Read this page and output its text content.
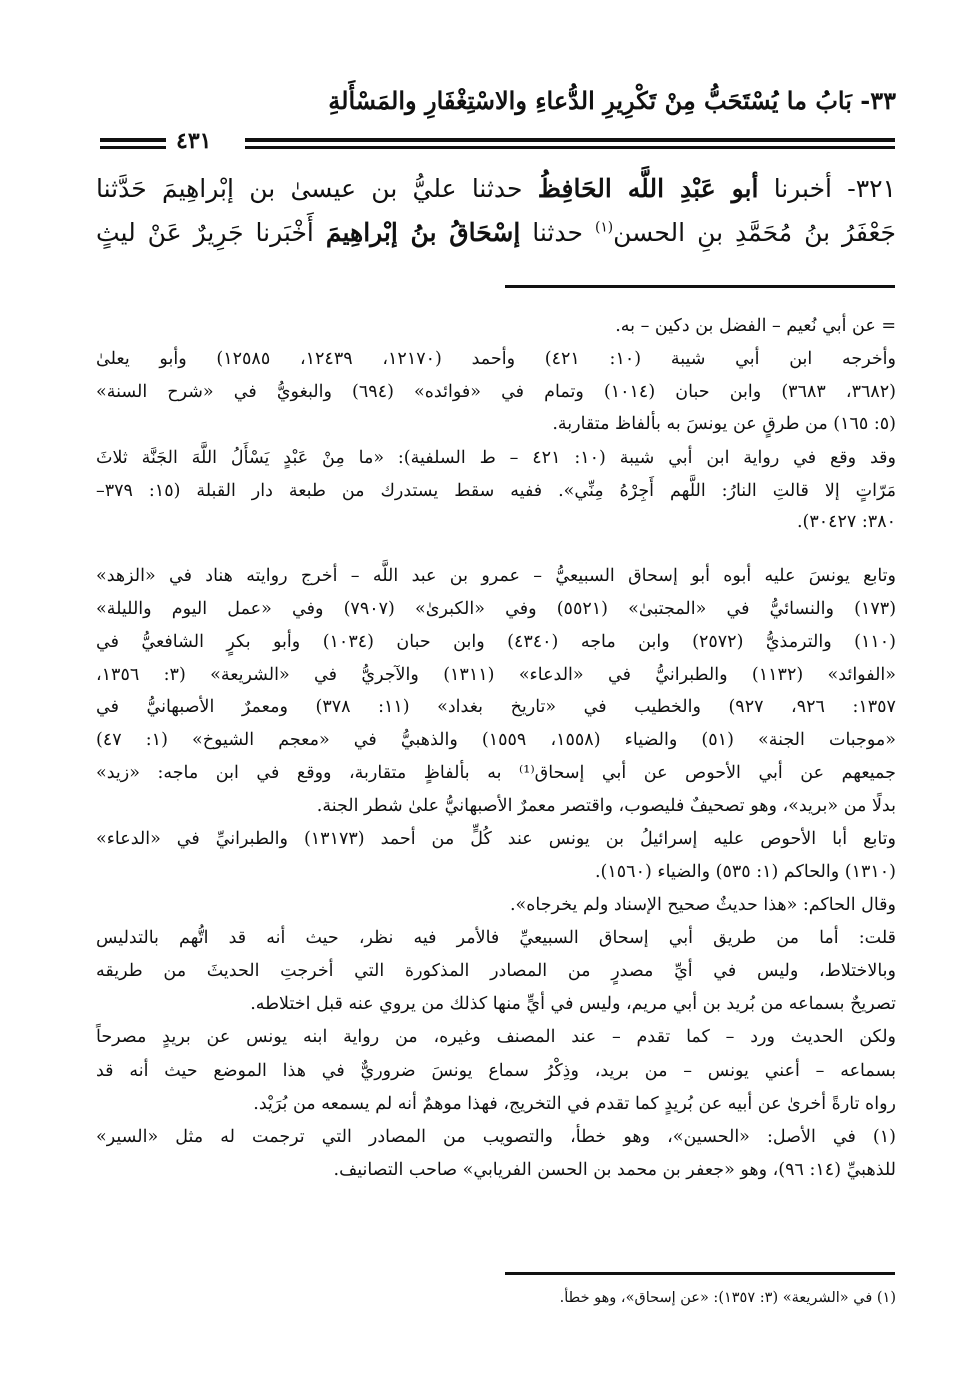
٣٣- بَابُ ما يُسْتَحَبُّ مِنْ تَكْرِيرِ الدُّعاءِ والاسْتِغْفَارِ والمَسْأَلةِ
٤٣١
٣٢١- أخبرنا أبو عَبْدِ اللَّه الحَافِظُ حدثنا عليُّ بن عيسىٰ بن إبْراهِيمَ حَدَّثنا
جَعْفَرُ بنُ مُحَمَّدِ بنِ الحسن$^{(١)}$ حدثنا إسْحَاقُ بنُ إبْراهِيمَ أَخْبَرنا جَرِيرٌ عَنْ ليثٍ
= عن أبي نُعيم – الفضل بن دكين – به.
وأخرجه ابن أبي شيبة (١٠: ٤٢١) وأحمد (١٢١٧٠، ١٢٤٣٩، ١٢٥٨٥) وأبو يعلىٰ
(٣٦٨٢، ٣٦٨٣) وابن حبان (١٠١٤) وتمام في «فوائده» (٦٩٤) والبغويُّ في «شرح السنة»
(٥: ١٦٥) من طرقٍ عن يونسَ به بألفاظ متقاربة.
وقد وقع في رواية ابن أبي شيبة (١٠: ٤٢١ – ط السلفية): «ما مِنْ عَبْدٍ يَسْأَلُ اللَّهَ الجَنَّة ثلاثَ
مَرّاتٍ إلا قالتِ النارُ: اللَّهم أَجِرْهُ مِنِّي». ففيه سقط يستدرك من طبعة دار القبلة (١٥: ٣٧٩–
٣٨٠: ٣٠٤٢٧).
وتابع يونسَ عليه أبوه أبو إسحاق السبيعيُّ – عمرو بن عبد اللَّه – أخرج روايته هناد في «الزهد»
(١٧٣) والنسائيُّ في «المجتبىٰ» (٥٥٢١) وفي «الكبرىٰ» (٧٩٠٧) وفي «عمل اليوم والليلة»
(١١٠) والترمذيُّ (٢٥٧٢) وابن ماجه (٤٣٤٠) وابن حبان (١٠٣٤) وأبو بكرٍ الشافعيُّ في
«الفوائد» (١١٣٢) والطبرانيُّ في «الدعاء» (١٣١١) والآجريُّ في «الشريعة» (٣: ١٣٥٦،
١٣٥٧: ٩٢٦، ٩٢٧) والخطيب في «تاريخ بغداد» (١١: ٣٧٨) ومعمرٌ الأصبهانيُّ في
«موجبات الجنة» (٥١) والضياء (١٥٥٨، ١٥٥٩) والذهبيُّ في «معجم الشيوخ» (١: ٤٧)
جميعهم عن أبي الأحوص عن أبي إسحاق⁽¹⁾ به بألفاظٍ متقاربة، ووقع في ابن ماجه: «زيد»
بدلًا من «بريد»، وهو تصحيفٌ فليصوب، واقتصر معمرٌ الأصبهانيُّ علىٰ شطر الجنة.
وتابع أبا الأحوص عليه إسرائيلُ بن يونس عند كُلٍّ من أحمد (١٣١٧٣) والطبرانيِّ في «الدعاء»
(١٣١٠) والحاكم (١: ٥٣٥) والضياء (١٥٦٠).
وقال الحاكم: «هذا حديثٌ صحيح الإسناد ولم يخرجاه».
قلت: أما من طريق أبي إسحاق السبيعيِّ فالأمر فيه نظر، حيث أنه قد اتُّهم بالتدليس
وبالاختلاط، وليس في أيِّ مصدرٍ من المصادر المذكورة التي أخرجتِ الحديثَ من طريقه
تصريحٌ بسماعه من بُريد بن أبي مريم، وليس في أيٍّ منها كذلك من يروي عنه قبل اختلاطه.
ولكن الحديث ورد – كما تقدم – عند المصنف وغيره، من رواية ابنه يونس عن بريدٍ مصرحاً
بسماعه – أعني يونس – من بريد، وذِكْرُ سماع يونسَ ضروريٌّ في هذا الموضع حيث أنه قد
رواه تارةً أخرىٰ عن أبيه عن بُريدٍ كما تقدم في التخريج، فهذا موهمٌ أنه لم يسمعه من بُرَيْد.
(١) في الأصل: «الحسين»، وهو خطأ، والتصويب من المصادر التي ترجمت له مثل «السير»
للذهبيِّ (١٤: ٩٦)، وهو «جعفر بن محمد بن الحسن الفريابي» صاحب التصانيف.
(١) في «الشريعة» (٣: ١٣٥٧): «عن إسحاق»، وهو خطأ.
